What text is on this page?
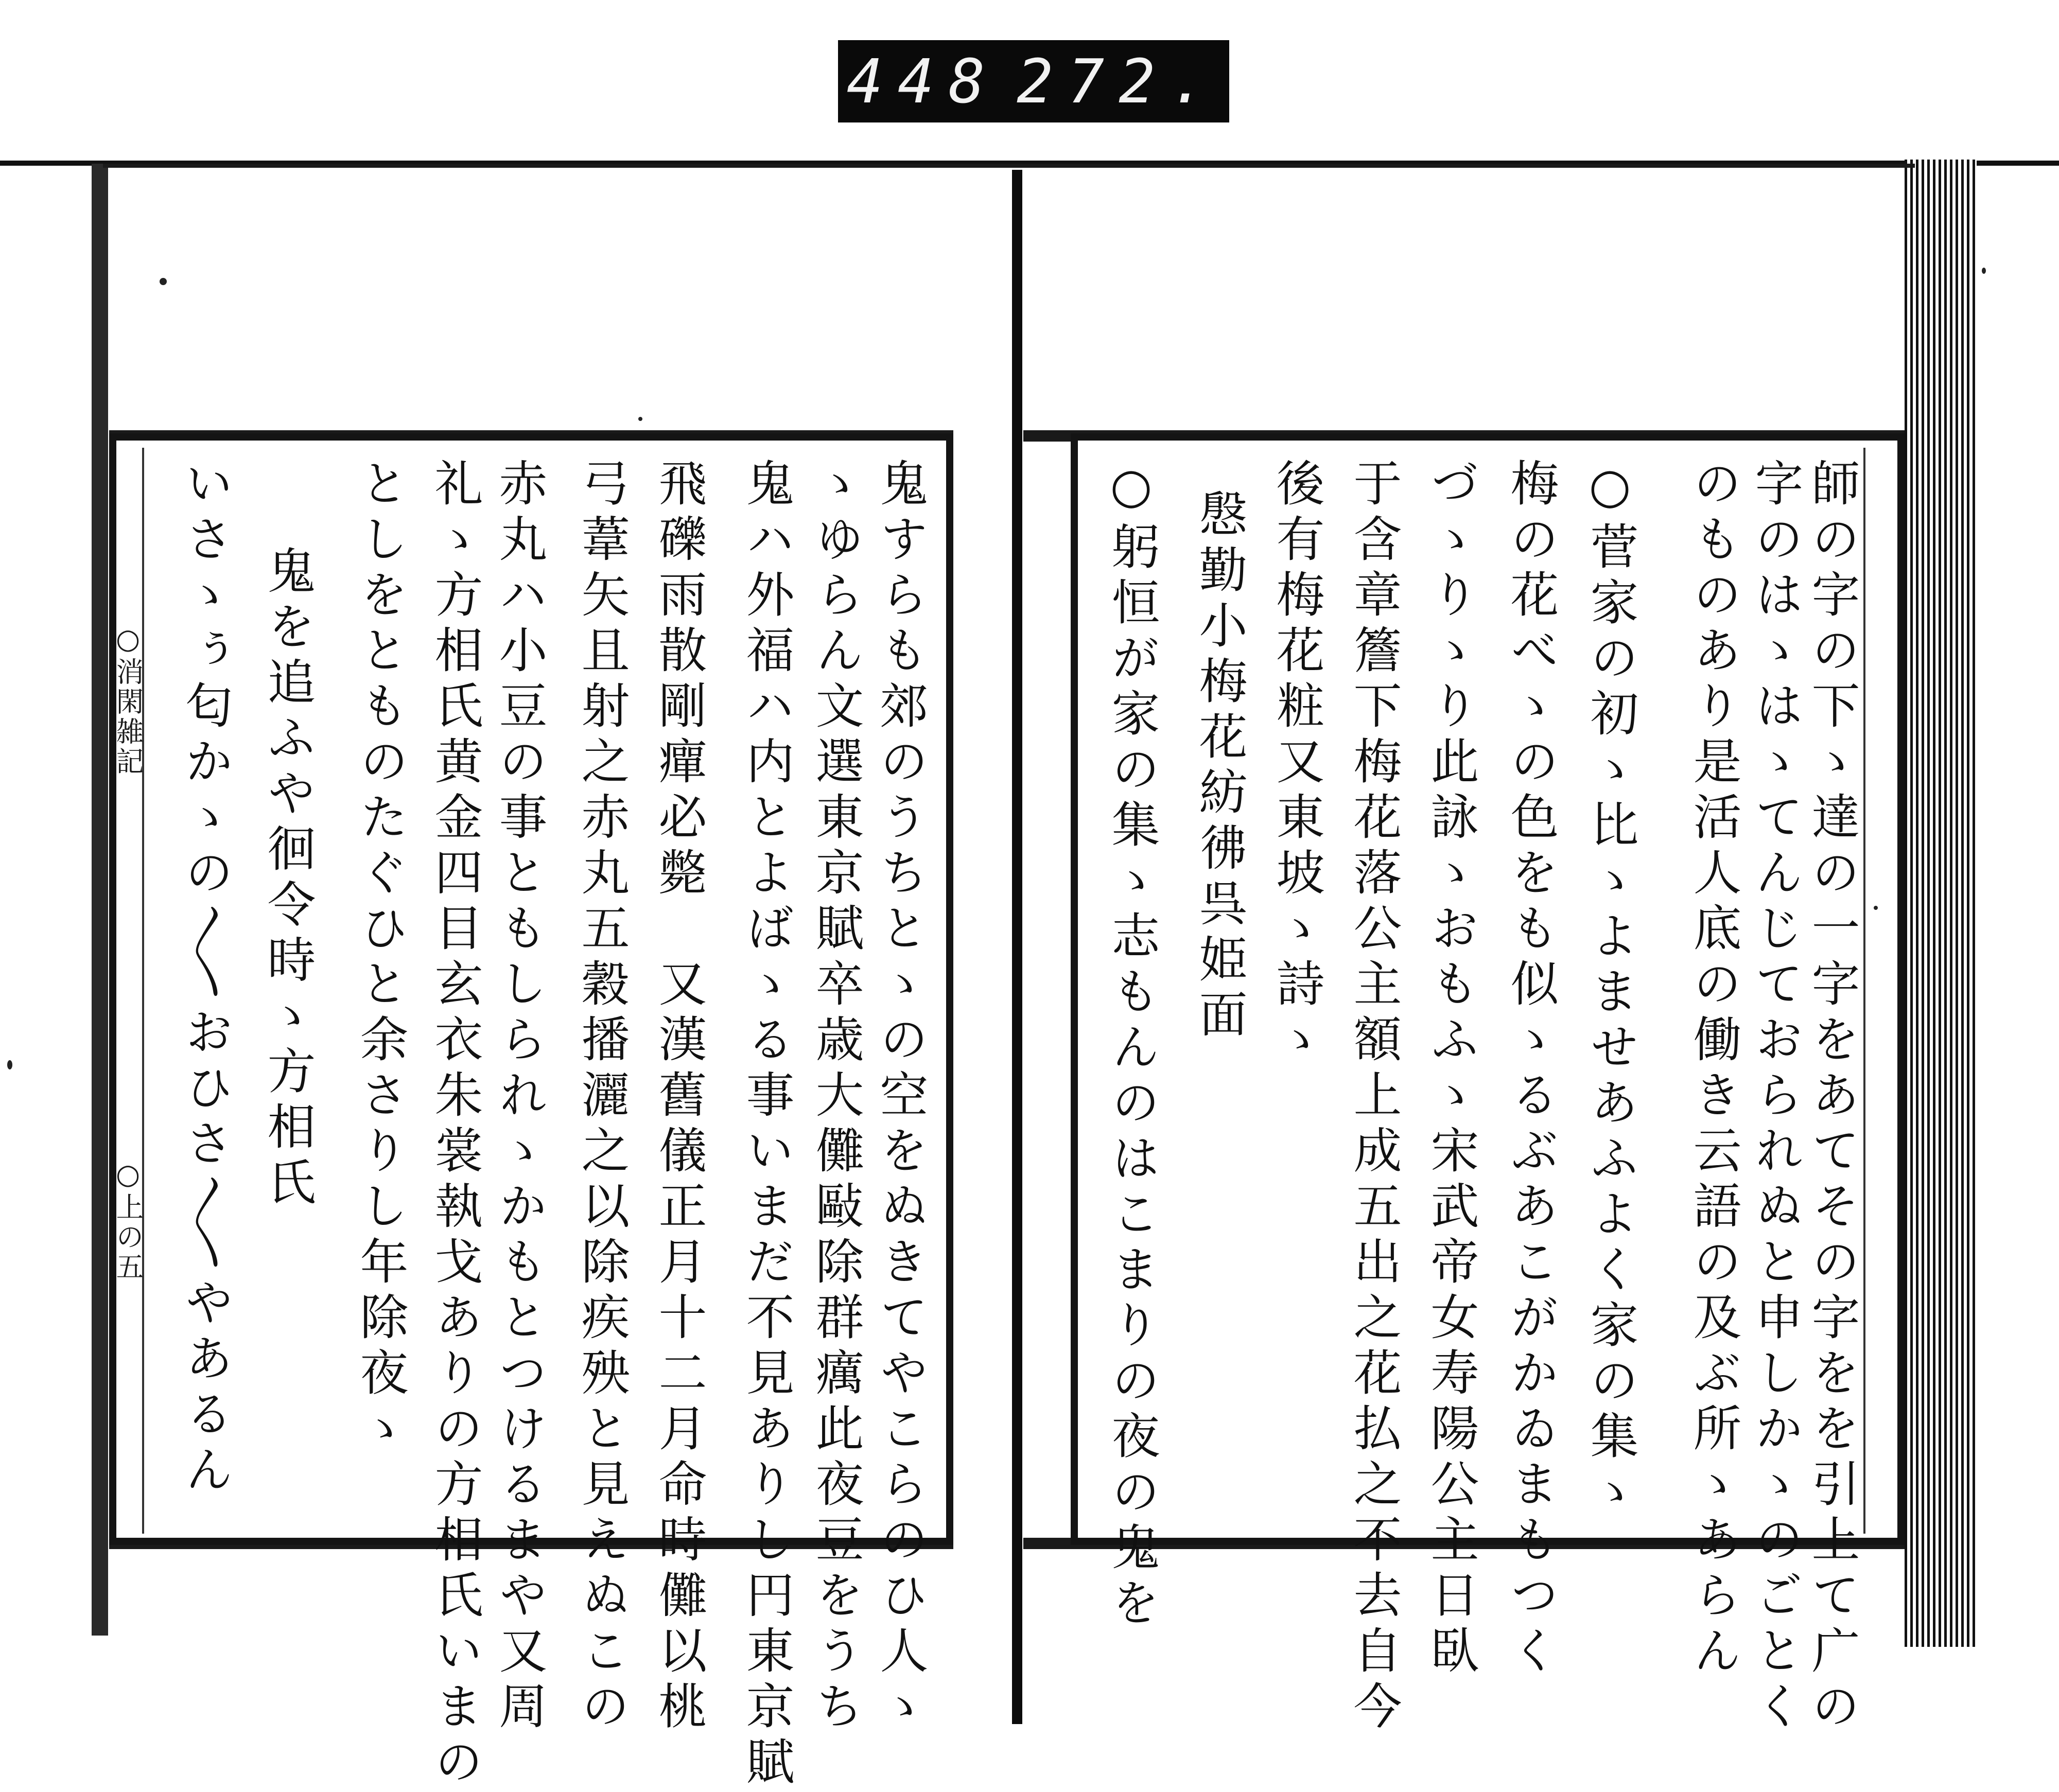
448 272.
○消閑雑記
○上の五	鬼すらも郊のうちとゝの空をぬきてやこらのひ人ゝ
ゝゆらん文選東京賦卒歳大儺敺除群癘此夜豆をうち
鬼ハ外福ハ内とよばゝる事いまだ不見ありし円東京賦
飛礫雨散剛癉必斃　又漢舊儀正月十二月命時儺以桃
弓葦矢且射之赤丸五穀播灑之以除疾殃と見えぬこの
赤丸ハ小豆の事ともしられゝかもとつけるまや又周
礼ゝ方相氏黄金四目玄衣朱裳執戈ありの方相氏いまの
としをとものたぐひと余さりし年除夜ゝ
鬼を追ふや徊令時ゝ方相氏
いさゝぅ匂かゝの〳〵おひさ〳〵やあるん	師の字の下ゝ達の一字をあてその字をを引上て广の
字のはゝはゝてんじておられぬと申しかゝのごとく
のものあり是活人底の働き云語の及ぶ所ゝあらん
○菅家の初ゝ比ゝよませあふよく家の集ゝ
梅の花べゝの色をも似ゝるぶあこがかゐまもつく
づゝりゝり此詠ゝおもふゝ宋武帝女寿陽公主日臥
于含章簷下梅花落公主額上成五出之花払之不去自今
後有梅花粧又東坡ゝ詩ゝ
慇勤小梅花紡彿呉姫面
○躬恒が家の集ゝ志もんのはこまりの夜の鬼を
